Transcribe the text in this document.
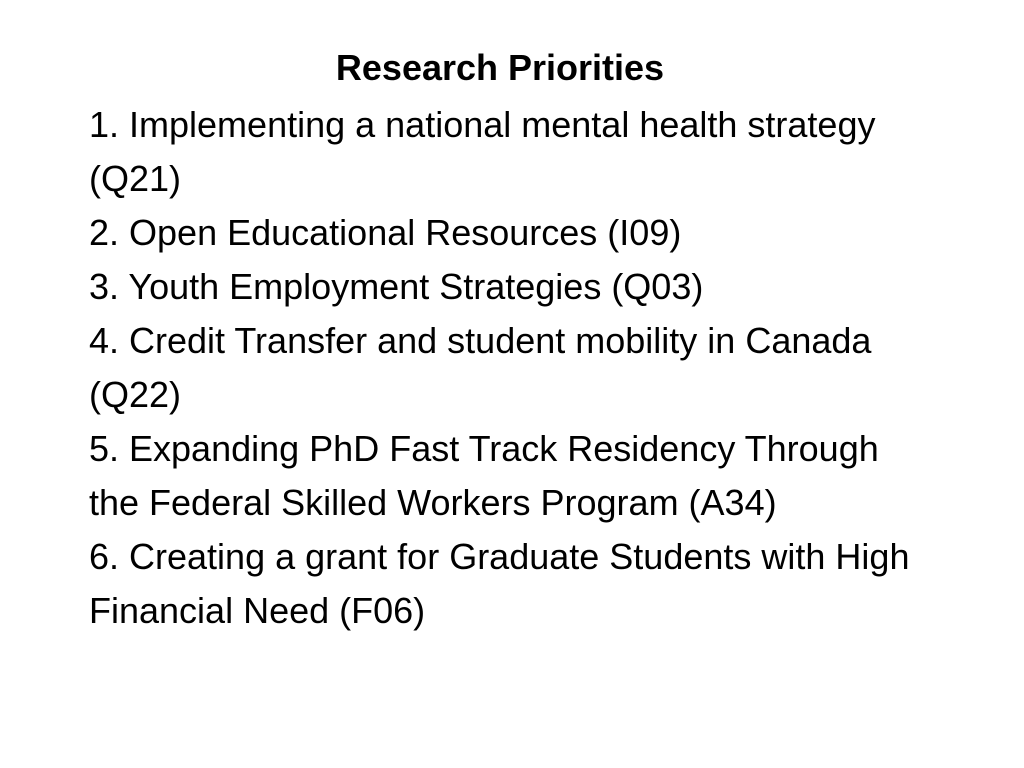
Research Priorities
1. Implementing a national mental health strategy (Q21)
2. Open Educational Resources (I09)
3. Youth Employment Strategies (Q03)
4. Credit Transfer and student mobility in Canada (Q22)
5. Expanding PhD Fast Track Residency Through the Federal Skilled Workers Program (A34)
6. Creating a grant for Graduate Students with High Financial Need (F06)
